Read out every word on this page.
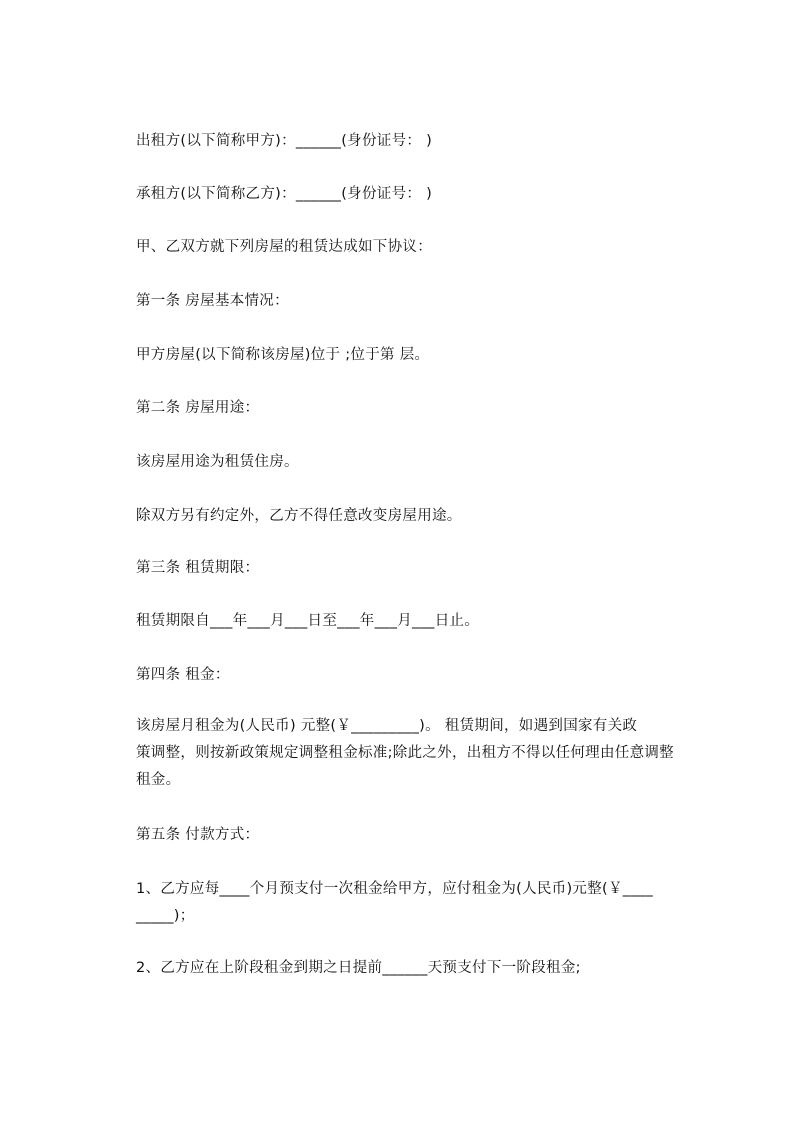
出租方(以下简称甲方)：______(身份证号： )
承租方(以下简称乙方)：______(身份证号： )
甲、乙双方就下列房屋的租赁达成如下协议：
第一条 房屋基本情况：
甲方房屋(以下简称该房屋)位于 ;位于第 层。
第二条 房屋用途：
该房屋用途为租赁住房。
除双方另有约定外，乙方不得任意改变房屋用途。
第三条 租赁期限：
租赁期限自___年___月___日至___年___月___日止。
第四条 租金：
该房屋月租金为(人民币) 元整(￥_________)。 租赁期间，如遇到国家有关政
策调整，则按新政策规定调整租金标准;除此之外，出租方不得以任何理由任意调整
租金。
第五条 付款方式：
1、乙方应每____个月预支付一次租金给甲方，应付租金为(人民币)元整(￥____
_____)；
2、乙方应在上阶段租金到期之日提前______天预支付下一阶段租金;
